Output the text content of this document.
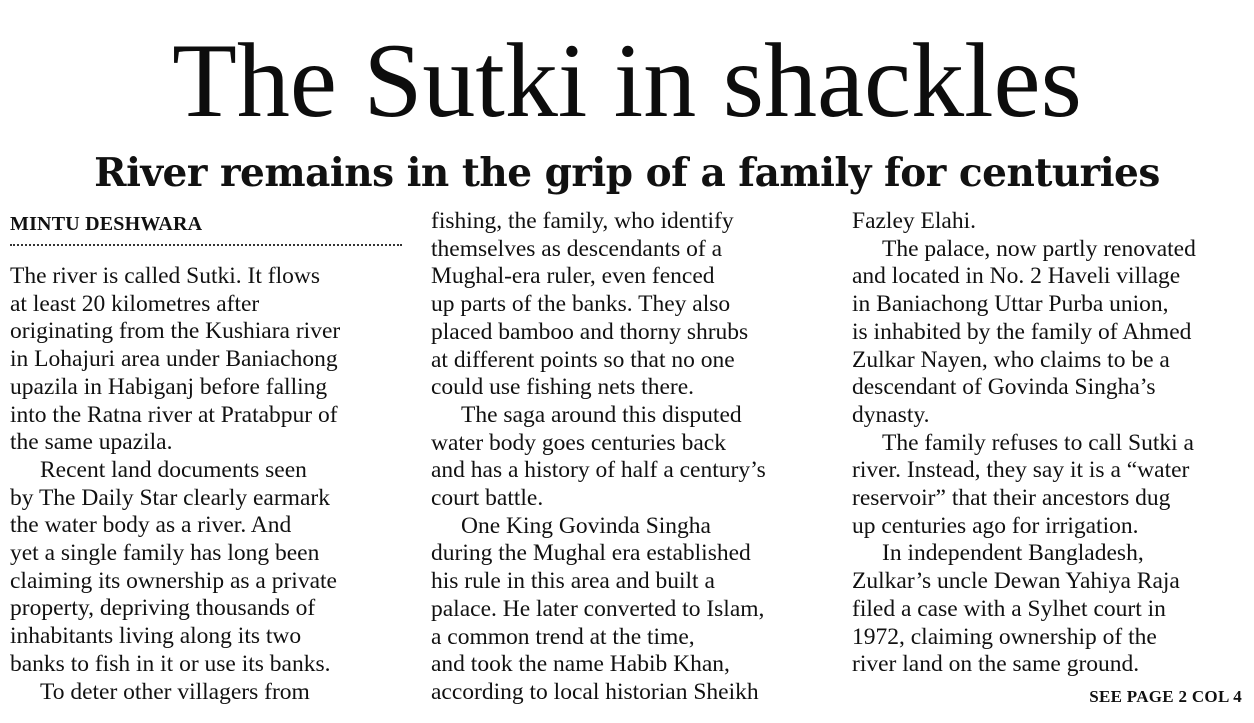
The Sutki in shackles
River remains in the grip of a family for centuries
MINTU DESHWARA

The river is called Sutki. It flows
at least 20 kilometres after
originating from the Kushiara river
in Lohajuri area under Baniachong
upazila in Habiganj before falling
into the Ratna river at Pratabpur of
the same upazila.

Recent land documents seen
by The Daily Star clearly earmark
the water body as a river. And
yet a single family has long been
claiming its ownership as a private
property, depriving thousands of
inhabitants living along its two
banks to fish in it or use its banks.

To deter other villagers from

fishing, the family, who identify
themselves as descendants of a
Mughal-era ruler, even fenced
up parts of the banks. They also
placed bamboo and thorny shrubs
at different points so that no one
could use fishing nets there.

The saga around this disputed
water body goes centuries back
and has a history of half a century’s
court battle.

One King Govinda Singha
during the Mughal era established
his rule in this area and built a
palace. He later converted to Islam,
a common trend at the time,
and took the name Habib Khan,
according to local historian Sheikh

Fazley Elahi.

The palace, now partly renovated
and located in No. 2 Haveli village
in Baniachong Uttar Purba union,
is inhabited by the family of Ahmed
Zulkar Nayen, who claims to be a
descendant of Govinda Singha’s
dynasty.

The family refuses to call Sutki a
river. Instead, they say it is a “water
reservoir” that their ancestors dug
up centuries ago for irrigation.

In independent Bangladesh,
Zulkar’s uncle Dewan Yahiya Raja
filed a case with a Sylhet court in
1972, claiming ownership of the
river land on the same ground.

SEE PAGE 2 COL 4
